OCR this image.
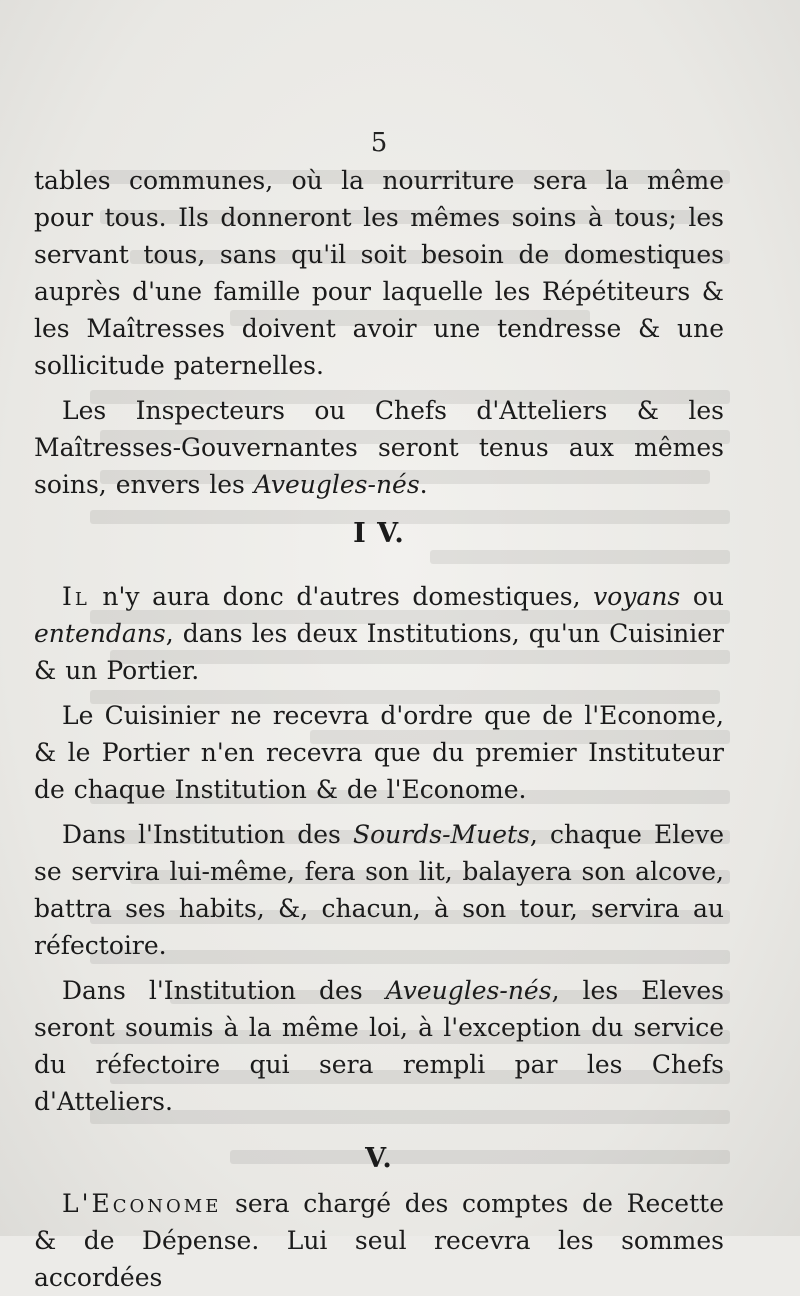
5

tables communes, où la nourriture sera la même pour tous. Ils donneront les mêmes soins à tous; les servant tous, sans qu'il soit besoin de domestiques auprès d'une famille pour laquelle les Répétiteurs & les Maîtresses doivent avoir une tendresse & une sollicitude paternelles.

Les Inspecteurs ou Chefs d'Atteliers & les Maîtresses-Gouvernantes seront tenus aux mêmes soins, envers les Aveugles-nés.

I V.

Il n'y aura donc d'autres domestiques, voyans ou entendans, dans les deux Institutions, qu'un Cuisinier & un Portier.

Le Cuisinier ne recevra d'ordre que de l'Econome, & le Portier n'en recevra que du premier Instituteur de chaque Institution & de l'Econome.

Dans l'Institution des Sourds-Muets, chaque Eleve se servira lui-même, fera son lit, balayera son alcove, battra ses habits, &, chacun, à son tour, servira au réfectoire.

Dans l'Institution des Aveugles-nés, les Eleves seront soumis à la même loi, à l'exception du service du réfectoire qui sera rempli par les Chefs d'Atteliers.

V.

L'Econome sera chargé des comptes de Recette & de Dépense. Lui seul recevra les sommes accordées
